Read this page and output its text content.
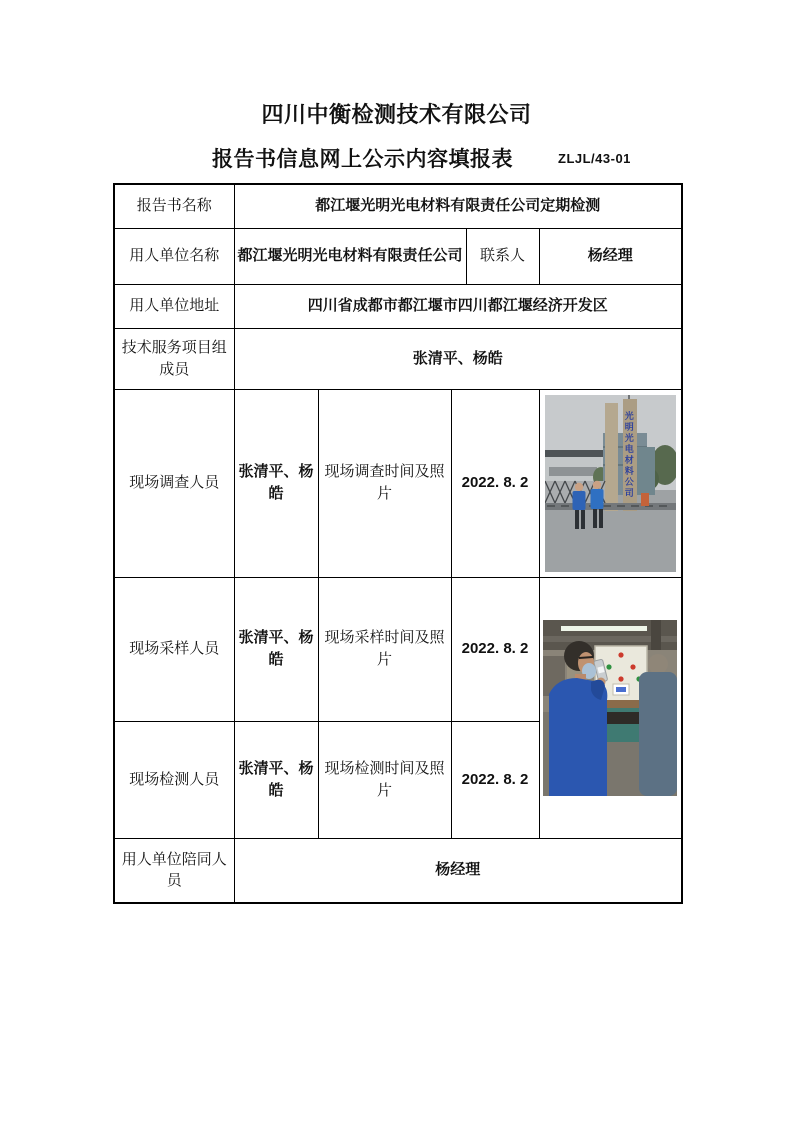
四川中衡检测技术有限公司
报告书信息网上公示内容填报表	ZLJL/43-01
报告书名称	都江堰光明光电材料有限责任公司定期检测				
用人单位名称	都江堰光明光电材料有限责任公司			联系人	杨经理
用人单位地址	四川省成都市都江堰市四川都江堰经济开发区				
技术服务项目组成员	张清平、杨皓				
现场调查人员	张清平、杨皓	现场调查时间及照片	2022. 8. 2		光明光电材料公司

现场采样人员	张清平、杨皓	现场采样时间及照片	2022. 8. 2	

现场检测人员	张清平、杨皓	现场检测时间及照片	2022. 8. 2		
用人单位陪同人员	杨经理				
